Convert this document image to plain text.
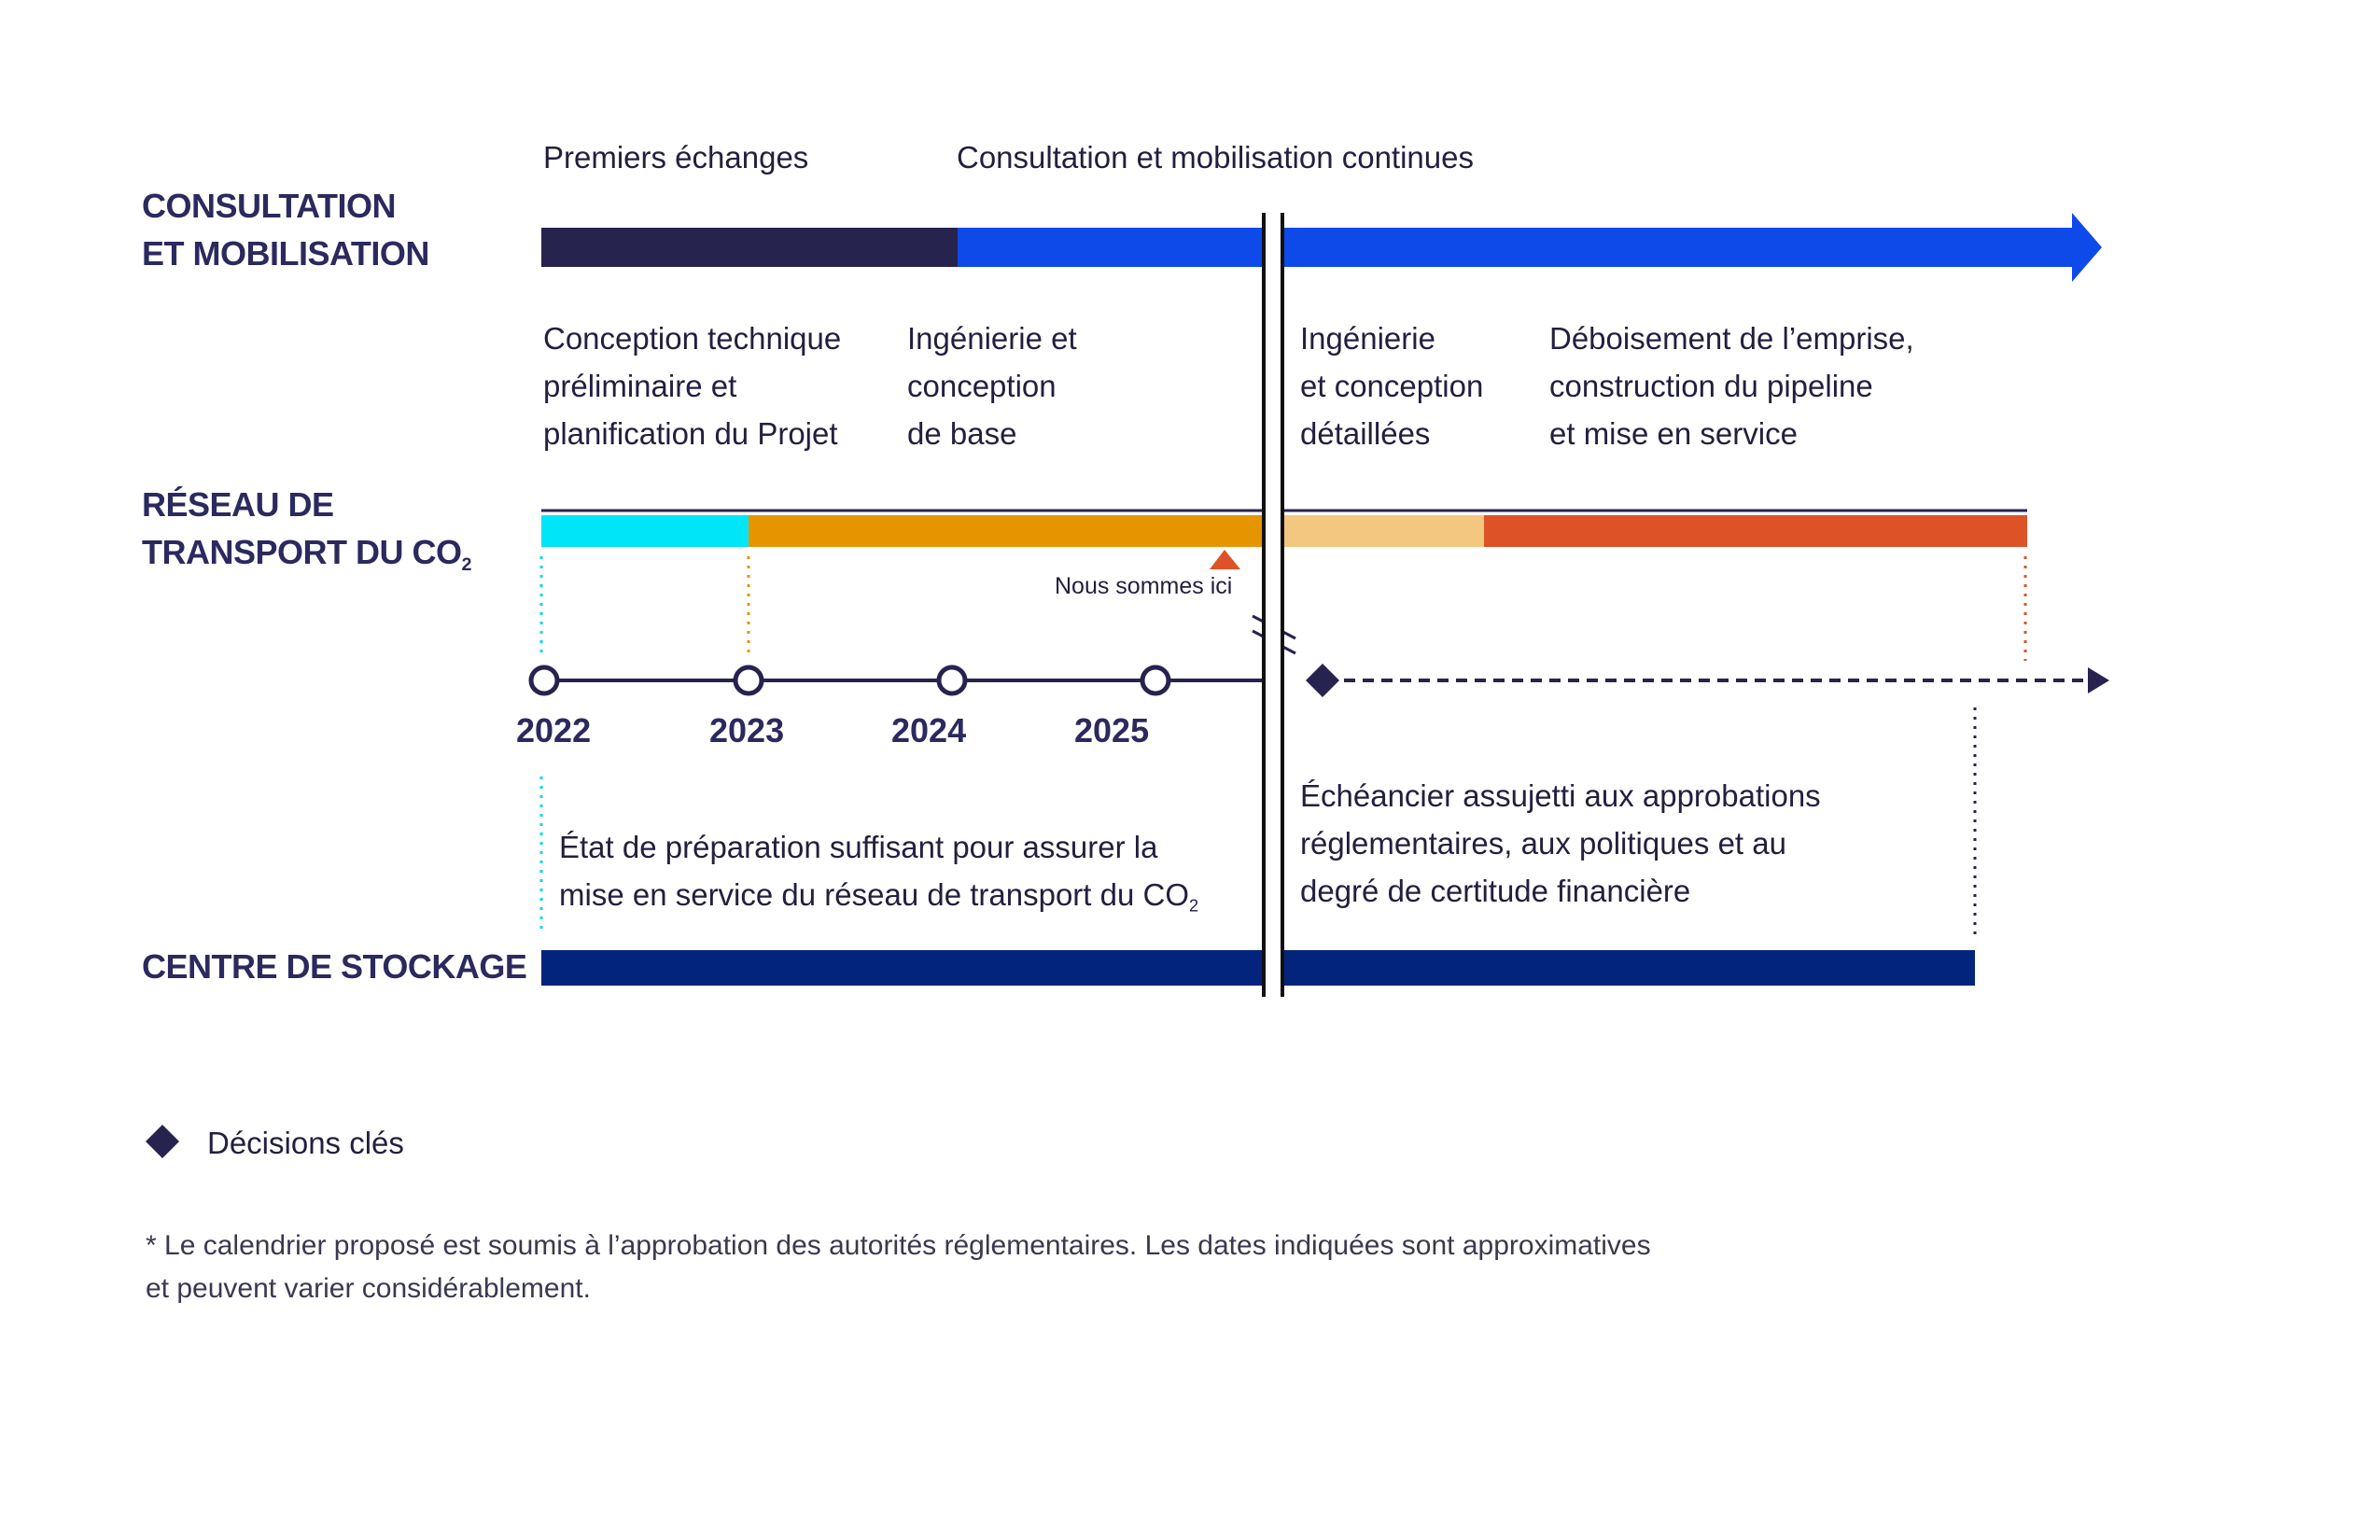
CONSULTATION
ET MOBILISATION
RÉSEAU DE
TRANSPORT DU $CO_2$
CENTRE DE STOCKAGE
Premiers échanges	Consultation et mobilisation continues
Conception technique
préliminaire et
planification du Projet
Ingénierie et
conception
de base
Ingénierie
et conception
détaillées
Déboisement de l’emprise,
construction du pipeline
et mise en service
Nous sommes ici
2022	2023	2024	2025
État de préparation suffisant pour assurer la
mise en service du réseau de transport du $CO_2$
Échéancier assujetti aux approbations
réglementaires, aux politiques et au
degré de certitude financière
Décisions clés
* Le calendrier proposé est soumis à l’approbation des autorités réglementaires. Les dates indiquées sont approximatives
et peuvent varier considérablement.
